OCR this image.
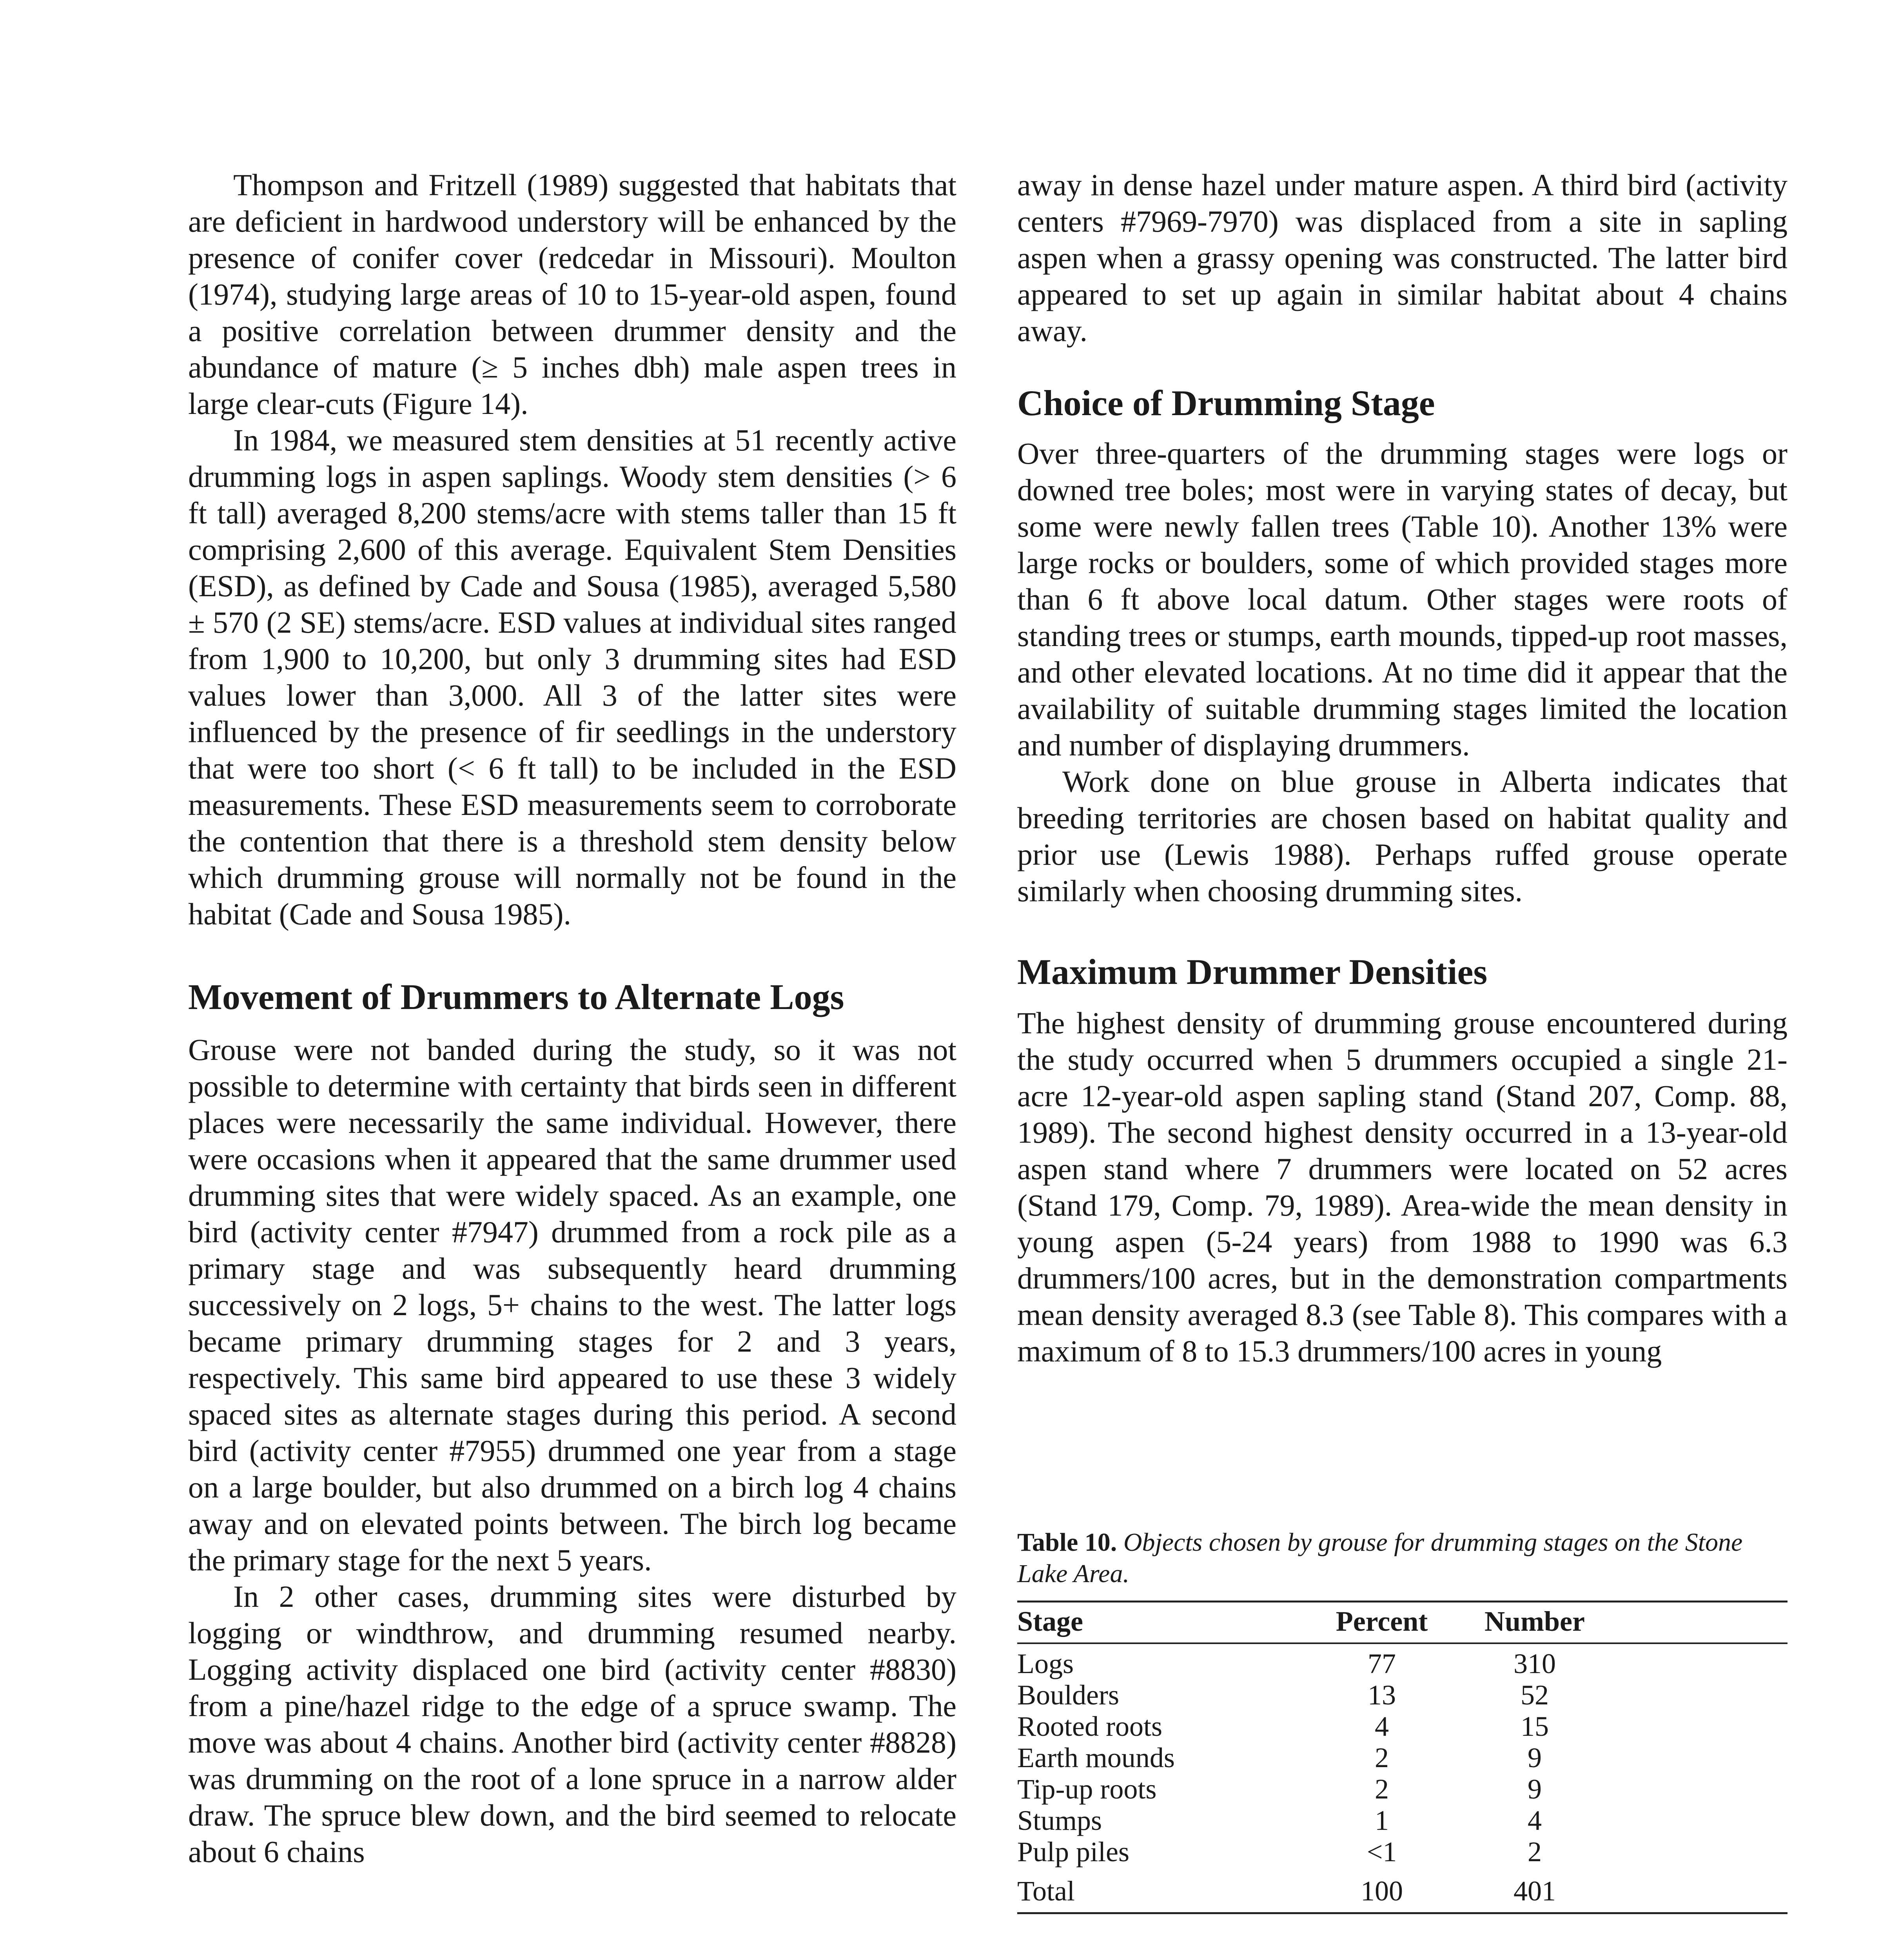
Thompson and Fritzell (1989) suggested that habitats that are deficient in hardwood understory will be enhanced by the presence of conifer cover (redcedar in Missouri). Moulton (1974), studying large areas of 10 to 15-year-old aspen, found a positive correlation between drummer density and the abundance of mature (≥ 5 inches dbh) male aspen trees in large clear-cuts (Figure 14).

In 1984, we measured stem densities at 51 recently active drumming logs in aspen saplings. Woody stem densities (> 6 ft tall) averaged 8,200 stems/acre with stems taller than 15 ft comprising 2,600 of this average. Equivalent Stem Densities (ESD), as defined by Cade and Sousa (1985), averaged 5,580 ± 570 (2 SE) stems/acre. ESD values at individual sites ranged from 1,900 to 10,200, but only 3 drumming sites had ESD values lower than 3,000. All 3 of the latter sites were influenced by the presence of fir seedlings in the understory that were too short (< 6 ft tall) to be included in the ESD measurements. These ESD measurements seem to corroborate the contention that there is a threshold stem density below which drumming grouse will normally not be found in the habitat (Cade and Sousa 1985).

Movement of Drummers to Alternate Logs

Grouse were not banded during the study, so it was not possible to determine with certainty that birds seen in different places were necessarily the same individual. However, there were occasions when it appeared that the same drummer used drumming sites that were widely spaced. As an example, one bird (activity center #7947) drummed from a rock pile as a primary stage and was subsequently heard drumming successively on 2 logs, 5+ chains to the west. The latter logs became primary drumming stages for 2 and 3 years, respectively. This same bird appeared to use these 3 widely spaced sites as alternate stages during this period. A second bird (activity center #7955) drummed one year from a stage on a large boulder, but also drummed on a birch log 4 chains away and on elevated points between. The birch log became the primary stage for the next 5 years.

In 2 other cases, drumming sites were disturbed by logging or windthrow, and drumming resumed nearby. Logging activity displaced one bird (activity center #8830) from a pine/hazel ridge to the edge of a spruce swamp. The move was about 4 chains. Another bird (activity center #8828) was drumming on the root of a lone spruce in a narrow alder draw. The spruce blew down, and the bird seemed to relocate about 6 chains

away in dense hazel under mature aspen. A third bird (activity centers #7969-7970) was displaced from a site in sapling aspen when a grassy opening was constructed. The latter bird appeared to set up again in similar habitat about 4 chains away.

Choice of Drumming Stage

Over three-quarters of the drumming stages were logs or downed tree boles; most were in varying states of decay, but some were newly fallen trees (Table 10). Another 13% were large rocks or boulders, some of which provided stages more than 6 ft above local datum. Other stages were roots of standing trees or stumps, earth mounds, tipped-up root masses, and other elevated locations. At no time did it appear that the availability of suitable drumming stages limited the location and number of displaying drummers.

Work done on blue grouse in Alberta indicates that breeding territories are chosen based on habitat quality and prior use (Lewis 1988). Perhaps ruffed grouse operate similarly when choosing drumming sites.

Maximum Drummer Densities

The highest density of drumming grouse encountered during the study occurred when 5 drummers occupied a single 21-acre 12-year-old aspen sapling stand (Stand 207, Comp. 88, 1989). The second highest density occurred in a 13-year-old aspen stand where 7 drummers were located on 52 acres (Stand 179, Comp. 79, 1989). Area-wide the mean density in young aspen (5-24 years) from 1988 to 1990 was 6.3 drummers/100 acres, but in the demonstration compartments mean density averaged 8.3 (see Table 8). This compares with a maximum of 8 to 15.3 drummers/100 acres in young

Table 10. Objects chosen by grouse for drumming stages on the Stone Lake Area.

Stage	Percent	Number	
Logs	77	310	
Boulders	13	52	
Rooted roots	4	15	
Earth mounds	2	9	
Tip-up roots	2	9	
Stumps	1	4	
Pulp piles	<1	2	
Total	100	401	
